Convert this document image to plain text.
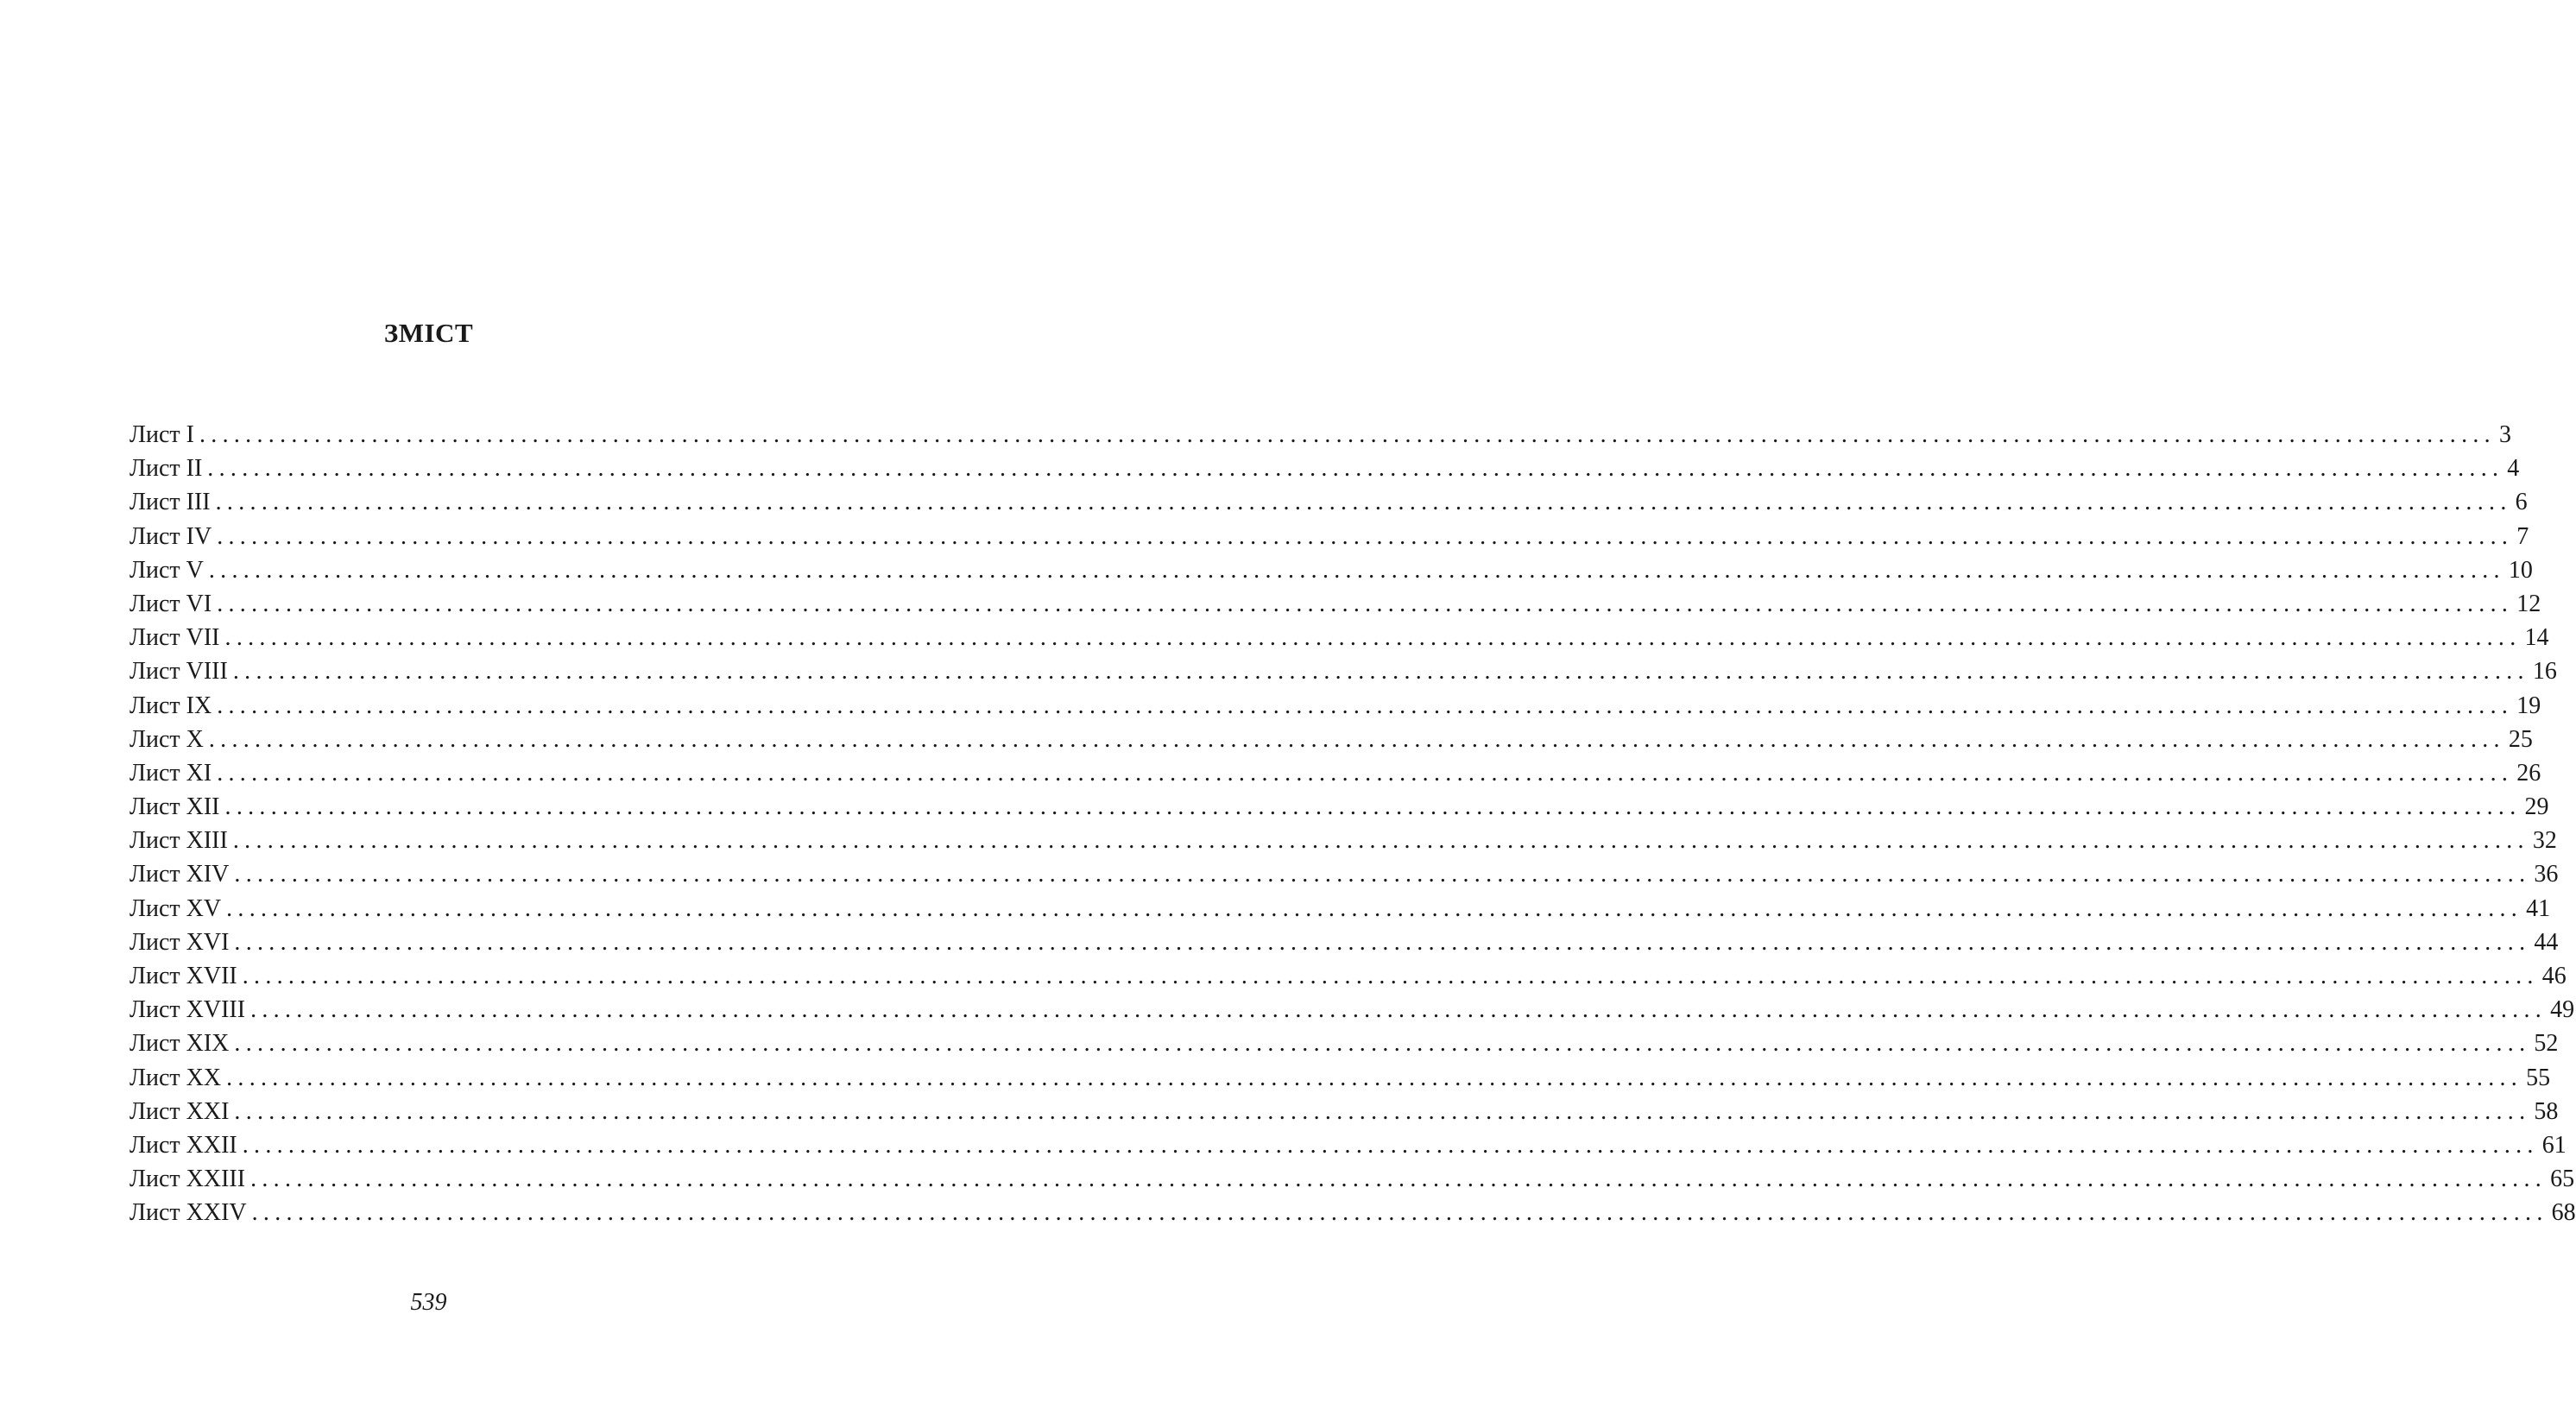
ЗМІСТ
Лист I ........................................................................................................................................................................................................ 3
Лист II ........................................................................................................................................................................................................ 4
Лист III ........................................................................................................................................................................................................ 6
Лист IV ........................................................................................................................................................................................................ 7
Лист V ........................................................................................................................................................................................................ 10
Лист VI ........................................................................................................................................................................................................ 12
Лист VII ........................................................................................................................................................................................................ 14
Лист VIII ........................................................................................................................................................................................................ 16
Лист IX ........................................................................................................................................................................................................ 19
Лист X ........................................................................................................................................................................................................ 25
Лист XI ........................................................................................................................................................................................................ 26
Лист XII ........................................................................................................................................................................................................ 29
Лист XIII ........................................................................................................................................................................................................ 32
Лист XIV ........................................................................................................................................................................................................ 36
Лист XV ........................................................................................................................................................................................................ 41
Лист XVI ........................................................................................................................................................................................................ 44
Лист XVII ........................................................................................................................................................................................................ 46
Лист XVIII ........................................................................................................................................................................................................ 49
Лист XIX ........................................................................................................................................................................................................ 52
Лист XX ........................................................................................................................................................................................................ 55
Лист XXI ........................................................................................................................................................................................................ 58
Лист XXII ........................................................................................................................................................................................................ 61
Лист XXIII ........................................................................................................................................................................................................ 65
Лист XXIV ........................................................................................................................................................................................................ 68
539
